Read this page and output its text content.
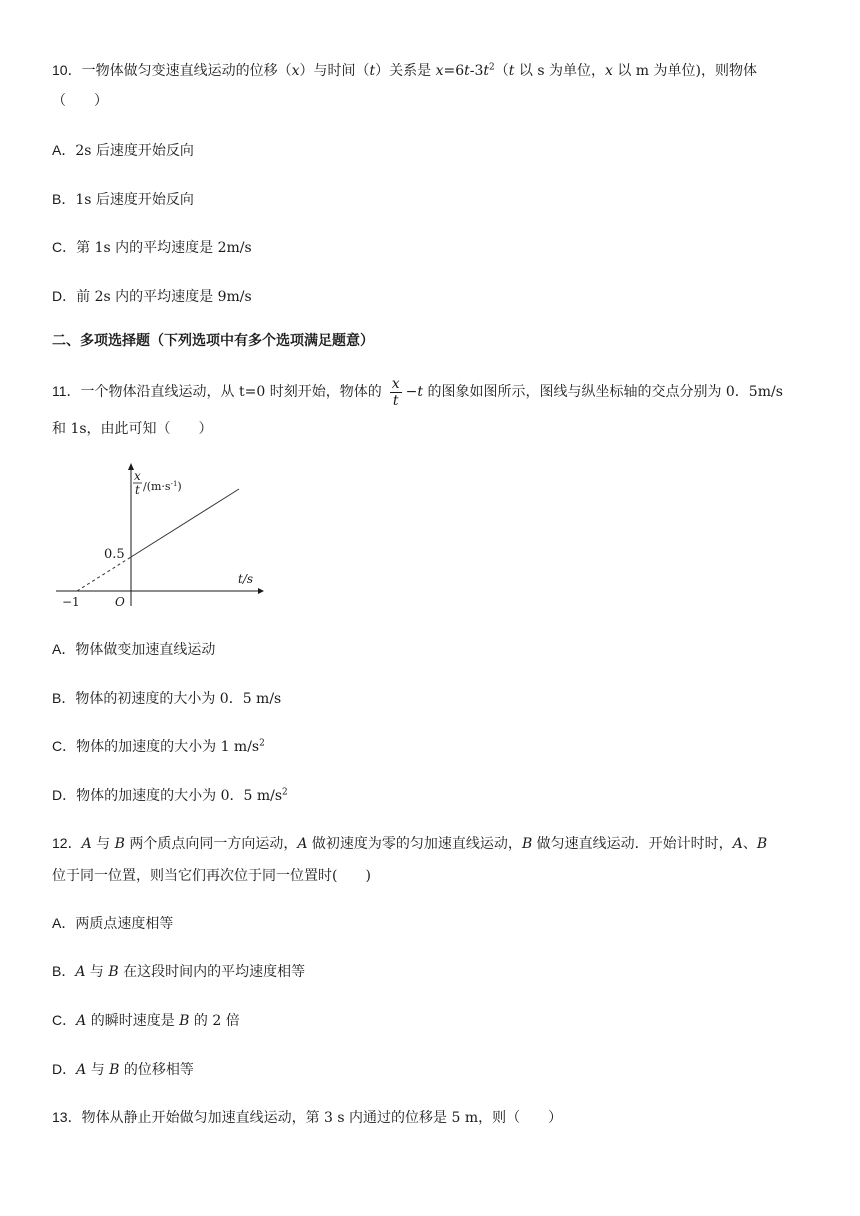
10．一物体做匀变速直线运动的位移（x）与时间（t）关系是 $x=6t-3t^2(t$ 以 s 为单位，x 以 m 为单位)，则物体
（　　）
A．2s 后速度开始反向
B．1s 后速度开始反向
C．第 1s 内的平均速度是 2m/s
D．前 2s 内的平均速度是 9m/s
二、多项选择题（下列选项中有多个选项满足题意）
11．一个物体沿直线运动，从 t=0 时刻开始，物体的 $\frac{x}{t} -t$ 的图象如图所示，图线与纵坐标轴的交点分别为 0．5m/s
和 1s，由此可知（　　）
x
t $/(m\cdot s^{-1})$
0.5
t/s
−1	O
A．物体做变加速直线运动
B．物体的初速度的大小为 0．5 m/s
C．物体的加速度的大小为 1 $m/s^2$
D．物体的加速度的大小为 0．5 $m/s^2$
12．A 与 B 两个质点向同一方向运动，A 做初速度为零的匀加速直线运动，B 做匀速直线运动．开始计时时，A、B
位于同一位置，则当它们再次位于同一位置时(　　)
A．两质点速度相等
B．A 与 B 在这段时间内的平均速度相等
C．A 的瞬时速度是 B 的 2 倍
D．A 与 B 的位移相等
13．物体从静止开始做匀加速直线运动，第 3 s 内通过的位移是 5 m，则（　　）
